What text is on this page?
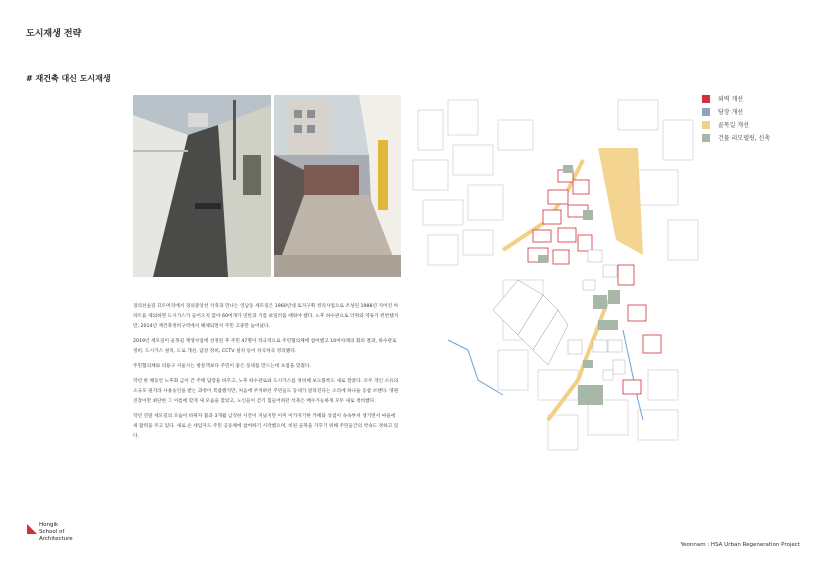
도시재생 전략
# 재건축 대신 도시재생

경의선숲길 끄트머리에서 경의중앙선 삭축과 만나는 연남동 세모길은 1960년대 토지구획 정리사업으로 조성된 1988년 지어진 아파트를 제외하면 도시가스가 들어오지 않아 60여개가 연탄과 기름 보일러를 때워야 했다. 노후 하수관으로 악취와 역류가 빈번했지만, 2014년 재건축정비구역에서 해제되면서 주민 고충만 늘어났다.

2019년 세모길이 골목길 재생사업에 선정된 후 주민 47명이 적극적으로 주민협의체에 참여했고 10여차례의 회의 결과, 하수관로 정비, 도시가스 설치, 도로 개선, 담장 정비, CCTV 설치 등이 차곡차곡 정리됐다.

주민협의체와 의용구 서울시는 방문객보다 주민이 좋은 동네를 만드는데 초점을 맞췄다.

작년 한 해동안 노후화 금이 간 주택 담장을 바꾸고, 노후 하수관로와 도시가스를 정비해 보도블록도 새로 깔았다. 모두 개인 소유의 소규모 필지라 사용승인을 받는 과정이 복잡했지만, 처음에 주저하던 주민들도 동네가 달라진다는 소리에 하나둘 동참 브랜다. 영원진장이만 최단한 그 이름에 맞게 새 모습을 찾았고, 노인들이 걷기 힘들어하던 석축은 배수가능하게 모두 새로 정비했다.

작년 연말 세모길의 모습이 바뀌자 불과 3개월 남짓한 시간이 지났지만 이미 이가지기한 카페와 상점이 속속부쳐 생기면서 마을에 새 활력을 주고 있다. 새로 온 세입자도 주민 공동체에 참여하기 시작했으며, 비핀 골목을 가꾸기 위해 주민들간의 약속도 정하고 있다.

외벽 개선
담장 개선
골목길 개선
건물 리모델링, 신축
Hongik
School of
Architecture
Yeonnam : HSA Urban Regeneration Project
